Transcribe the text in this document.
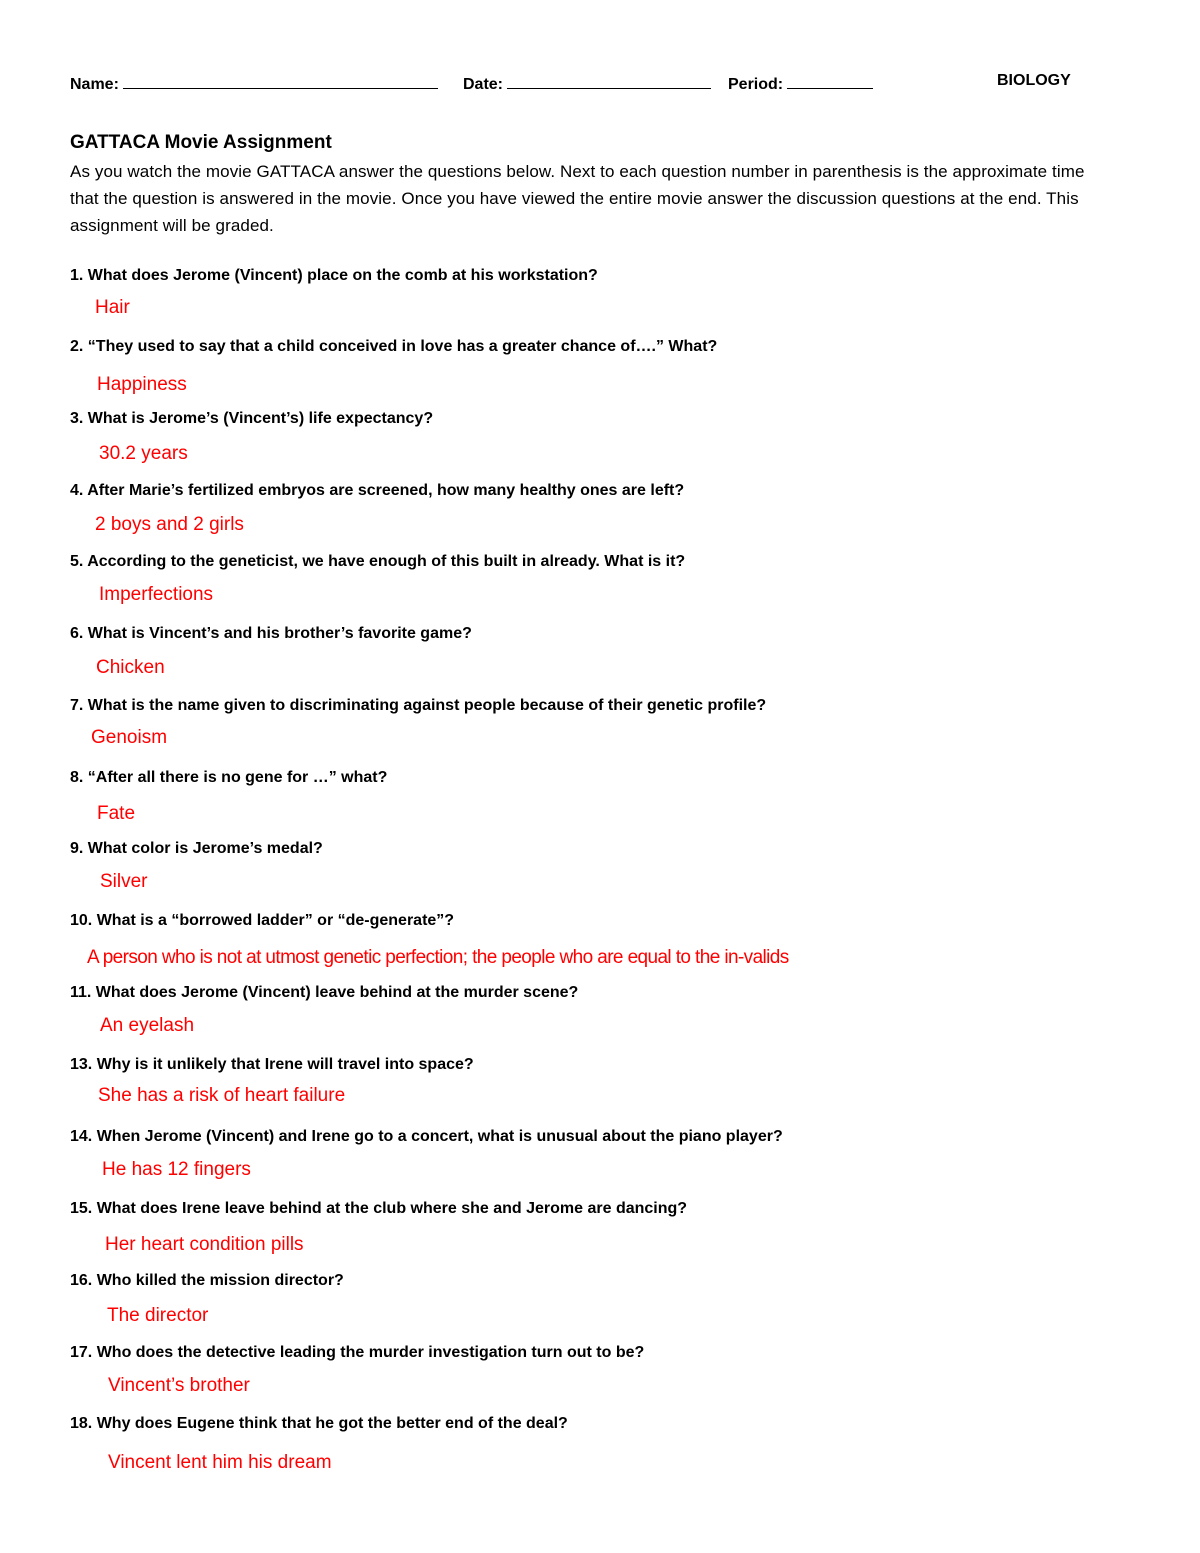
Name:	Date:	Period:	BIOLOGY
GATTACA Movie Assignment
As you watch the movie GATTACA answer the questions below. Next to each question number in parenthesis is the approximate time that the question is answered in the movie. Once you have viewed the entire movie answer the discussion questions at the end. This assignment will be graded.
1. What does Jerome (Vincent) place on the comb at his workstation?
Hair
2. “They used to say that a child conceived in love has a greater chance of….” What?
Happiness
3. What is Jerome’s (Vincent’s) life expectancy?
30.2 years
4. After Marie’s fertilized embryos are screened, how many healthy ones are left?
2 boys and 2 girls
5. According to the geneticist, we have enough of this built in already. What is it?
Imperfections
6. What is Vincent’s and his brother’s favorite game?
Chicken
7. What is the name given to discriminating against people because of their genetic profile?
Genoism
8. “After all there is no gene for …” what?
Fate
9. What color is Jerome’s medal?
Silver
10. What is a “borrowed ladder” or “de-generate”?
A person who is not at utmost genetic perfection; the people who are equal to the in-valids
11. What does Jerome (Vincent) leave behind at the murder scene?
An eyelash
13. Why is it unlikely that Irene will travel into space?
She has a risk of heart failure
14. When Jerome (Vincent) and Irene go to a concert, what is unusual about the piano player?
He has 12 fingers
15. What does Irene leave behind at the club where she and Jerome are dancing?
Her heart condition pills
16. Who killed the mission director?
The director
17. Who does the detective leading the murder investigation turn out to be?
Vincent’s brother
18. Why does Eugene think that he got the better end of the deal?
Vincent lent him his dream
